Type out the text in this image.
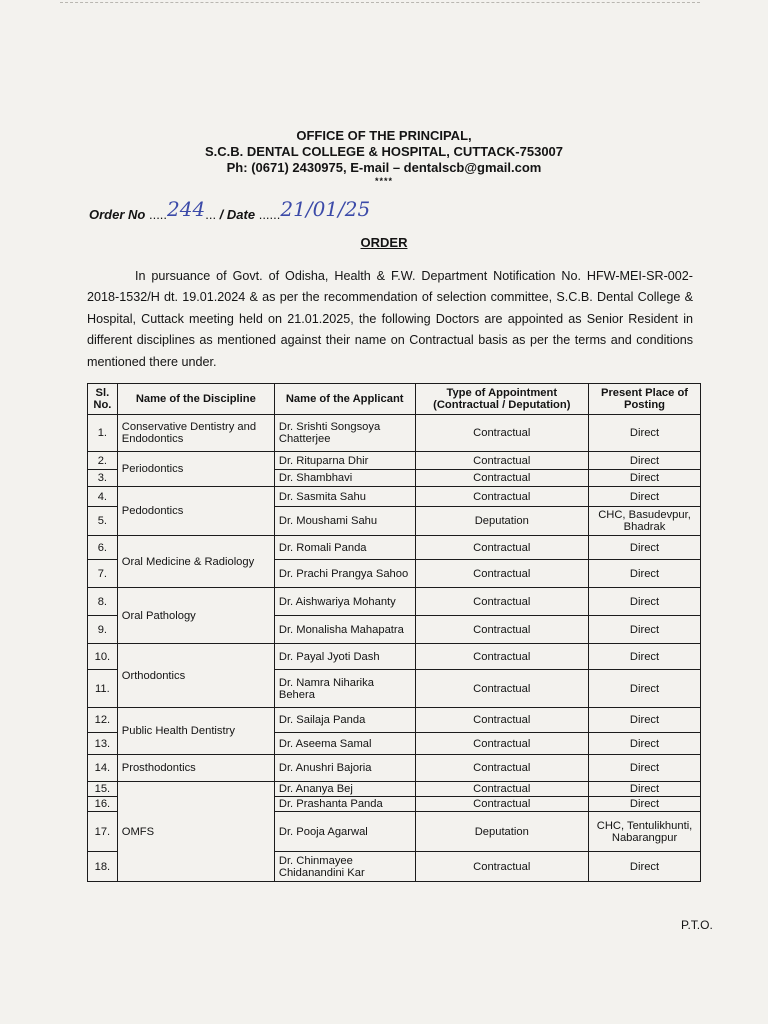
OFFICE OF THE PRINCIPAL,
S.C.B. DENTAL COLLEGE & HOSPITAL, CUTTACK-753007
Ph: (0671) 2430975, E-mail – dentalscb@gmail.com
****
Order No .....244... / Date ......21/01/25
ORDER

In pursuance of Govt. of Odisha, Health & F.W. Department Notification No. HFW-MEI-SR-002-2018-1532/H dt. 19.01.2024 & as per the recommendation of selection committee, S.C.B. Dental College & Hospital, Cuttack meeting held on 21.01.2025, the following Doctors are appointed as Senior Resident in different disciplines as mentioned against their name on Contractual basis as per the terms and conditions mentioned there under.

Sl. No.	Name of the Discipline	Name of the Applicant	Type of Appointment (Contractual / Deputation)	Present Place of Posting
1.	Conservative Dentistry and Endodontics	Dr. Srishti Songsoya Chatterjee	Contractual	Direct
2.	Periodontics	Dr. Rituparna Dhir	Contractual	Direct
3.		Dr. Shambhavi	Contractual	Direct
4.	Pedodontics	Dr. Sasmita Sahu	Contractual	Direct
5.		Dr. Moushami Sahu	Deputation	CHC, Basudevpur, Bhadrak
6.	Oral Medicine & Radiology	Dr. Romali Panda	Contractual	Direct
7.		Dr. Prachi Prangya Sahoo	Contractual	Direct
8.	Oral Pathology	Dr. Aishwariya Mohanty	Contractual	Direct
9.		Dr. Monalisha Mahapatra	Contractual	Direct
10.	Orthodontics	Dr. Payal Jyoti Dash	Contractual	Direct
11.		Dr. Namra Niharika Behera	Contractual	Direct
12.	Public Health Dentistry	Dr. Sailaja Panda	Contractual	Direct
13.		Dr. Aseema Samal	Contractual	Direct
14.	Prosthodontics	Dr. Anushri Bajoria	Contractual	Direct
15.	OMFS	Dr. Ananya Bej	Contractual	Direct
16.		Dr. Prashanta Panda	Contractual	Direct
17.		Dr. Pooja Agarwal	Deputation	CHC, Tentulikhunti, Nabarangpur
18.		Dr. Chinmayee Chidanandini Kar	Contractual	Direct
P.T.O.
